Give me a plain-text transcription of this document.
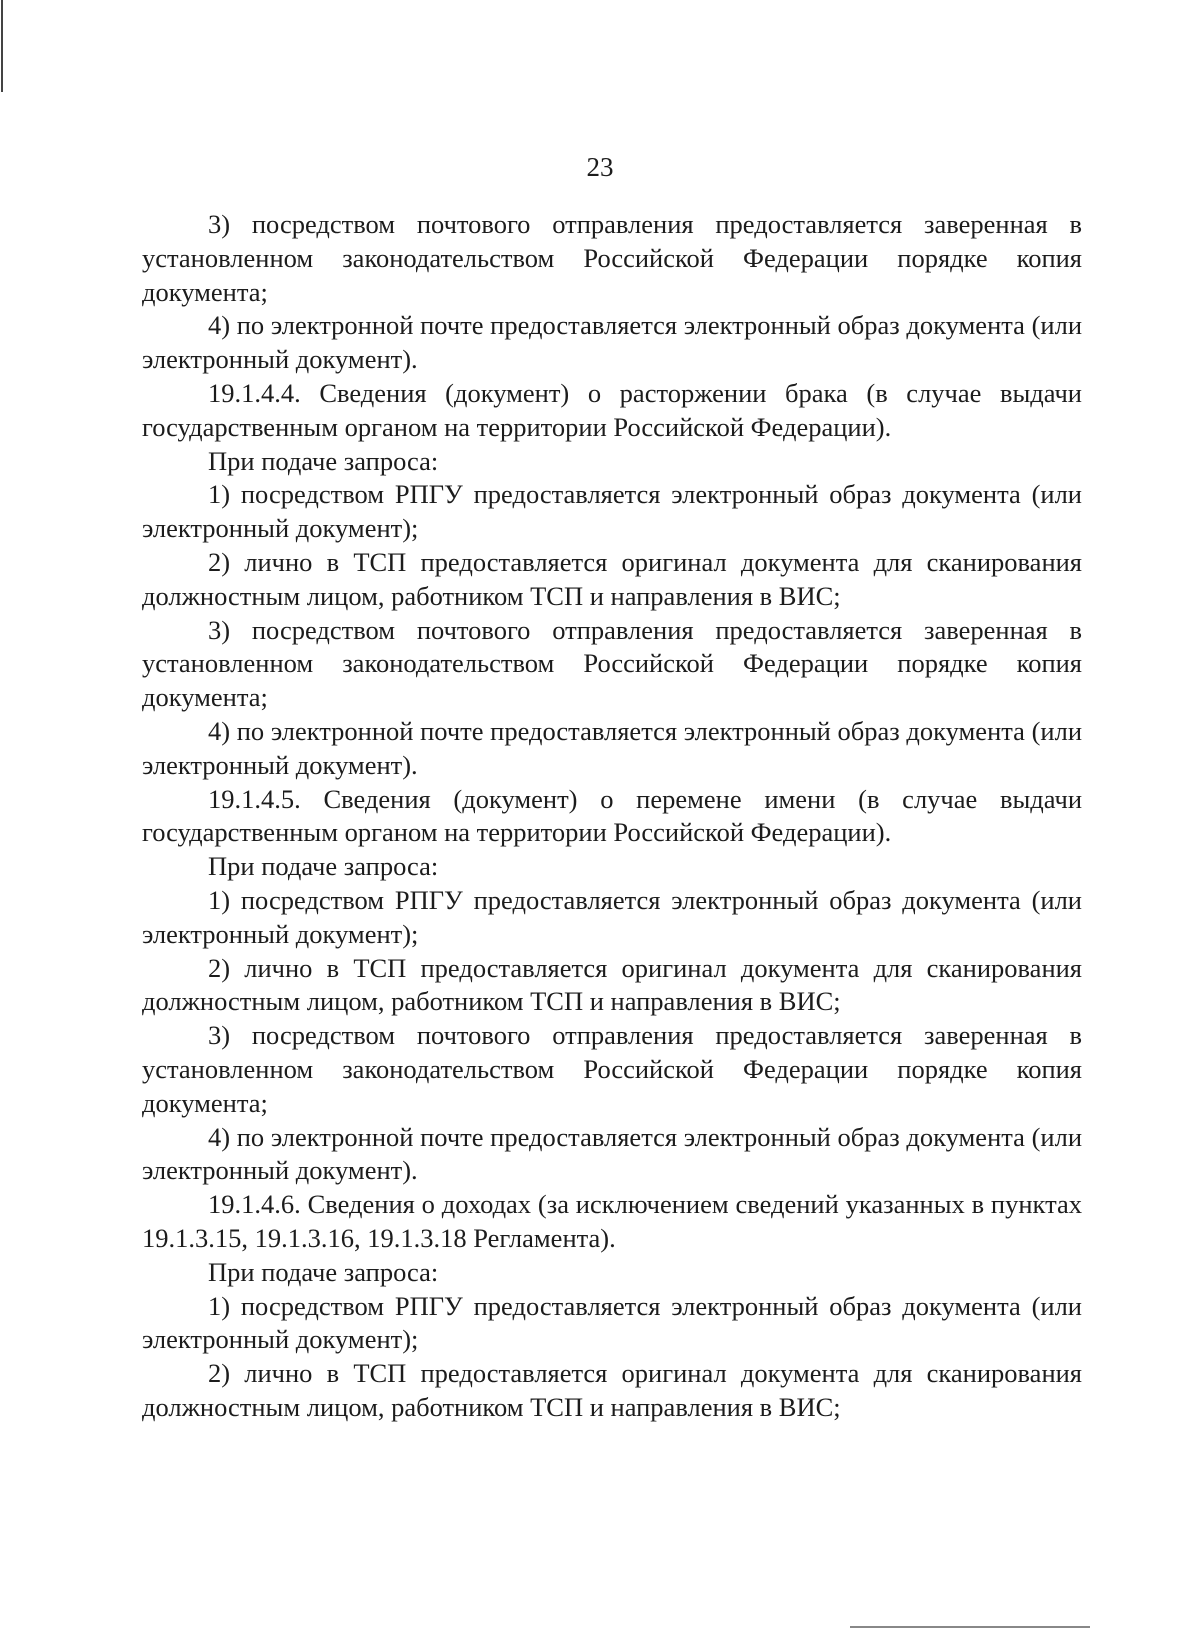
23

3) посредством почтового отправления предоставляется заверенная в установленном законодательством Российской Федерации порядке копия документа;

4) по электронной почте предоставляется электронный образ документа (или электронный документ).

19.1.4.4. Сведения (документ) о расторжении брака (в случае выдачи государственным органом на территории Российской Федерации).

При подаче запроса:

1) посредством РПГУ предоставляется электронный образ документа (или электронный документ);

2) лично в ТСП предоставляется оригинал документа для сканирования должностным лицом, работником ТСП и направления в ВИС;

3) посредством почтового отправления предоставляется заверенная в установленном законодательством Российской Федерации порядке копия документа;

4) по электронной почте предоставляется электронный образ документа (или электронный документ).

19.1.4.5. Сведения (документ) о перемене имени (в случае выдачи государственным органом на территории Российской Федерации).

При подаче запроса:

1) посредством РПГУ предоставляется электронный образ документа (или электронный документ);

2) лично в ТСП предоставляется оригинал документа для сканирования должностным лицом, работником ТСП и направления в ВИС;

3) посредством почтового отправления предоставляется заверенная в установленном законодательством Российской Федерации порядке копия документа;

4) по электронной почте предоставляется электронный образ документа (или электронный документ).

19.1.4.6. Сведения о доходах (за исключением сведений указанных в пунктах 19.1.3.15, 19.1.3.16, 19.1.3.18 Регламента).

При подаче запроса:

1) посредством РПГУ предоставляется электронный образ документа (или электронный документ);

2) лично в ТСП предоставляется оригинал документа для сканирования должностным лицом, работником ТСП и направления в ВИС;
